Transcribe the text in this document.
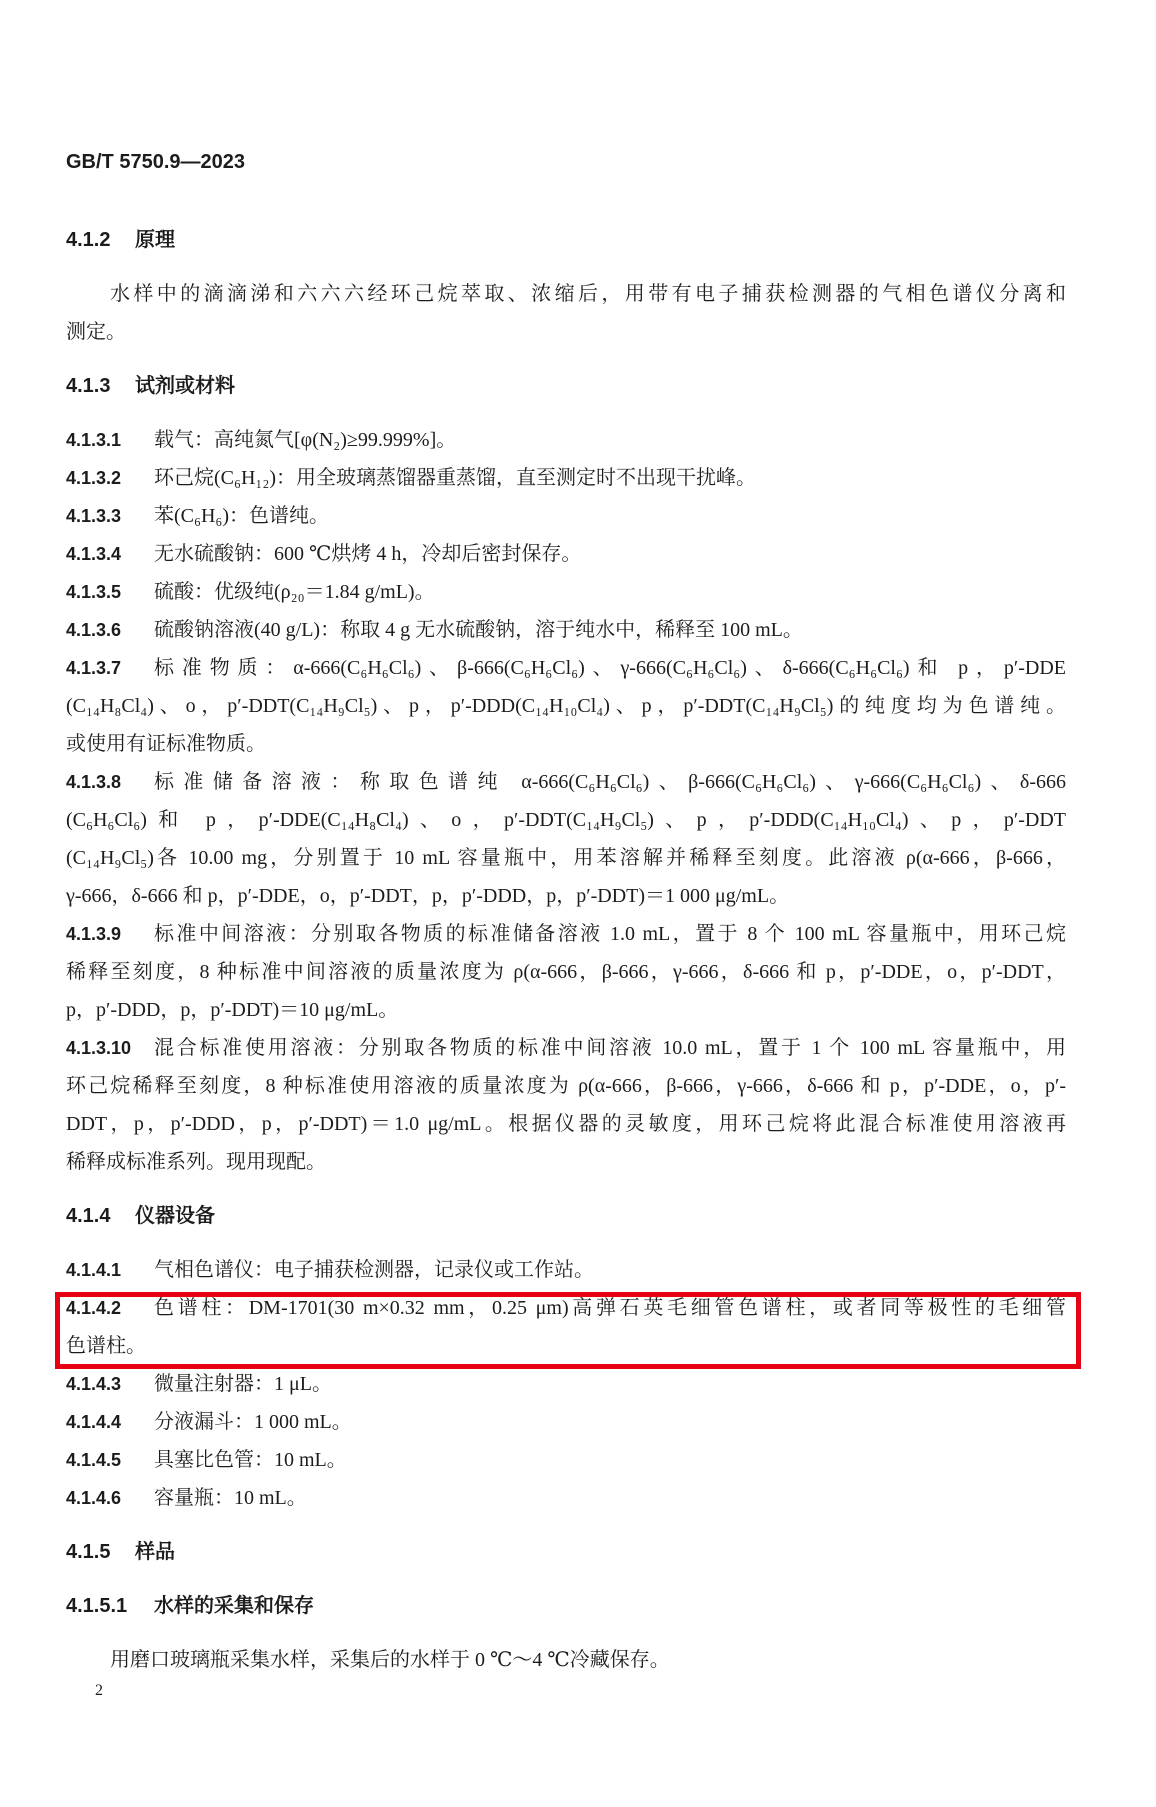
GB/T 5750.9—2023
4.1.2 原理
水样中的滴滴涕和六六六经环己烷萃取、浓缩后，用带有电子捕获检测器的气相色谱仪分离和
测定。
4.1.3 试剂或材料
4.1.3.1	载气：高纯氮气[φ(N₂)≥99.999%]。
4.1.3.2	环己烷(C₆H₁₂)：用全玻璃蒸馏器重蒸馏，直至测定时不出现干扰峰。
4.1.3.3	苯(C₆H₆)：色谱纯。
4.1.3.4	无水硫酸钠：600 ℃烘烤 4 h，冷却后密封保存。
4.1.3.5	硫酸：优级纯(ρ₂₀＝1.84 g/mL)。
4.1.3.6	硫酸钠溶液(40 g/L)：称取 4 g 无水硫酸钠，溶于纯水中，稀释至 100 mL。
4.1.3.7	标准物质：α-666(C₆H₆Cl₆)、β-666(C₆H₆Cl₆)、γ-666(C₆H₆Cl₆)、δ-666(C₆H₆Cl₆)和 p，p′-DDE
(C₁₄H₈Cl₄)、o，p′-DDT(C₁₄H₉Cl₅)、p，p′-DDD(C₁₄H₁₀Cl₄)、p，p′-DDT(C₁₄H₉Cl₅)的纯度均为色谱纯。
或使用有证标准物质。
4.1.3.8	标准储备溶液：称取色谱纯 α-666(C₆H₆Cl₆)、β-666(C₆H₆Cl₆)、γ-666(C₆H₆Cl₆)、δ-666
(C₆H₆Cl₆)和 p，p′-DDE(C₁₄H₈Cl₄)、o，p′-DDT(C₁₄H₉Cl₅)、p，p′-DDD(C₁₄H₁₀Cl₄)、p，p′-DDT
(C₁₄H₉Cl₅)各 10.00 mg，分别置于 10 mL 容量瓶中，用苯溶解并稀释至刻度。此溶液 ρ(α-666，β-666，
γ-666，δ-666 和 p，p′-DDE，o，p′-DDT，p，p′-DDD，p，p′-DDT)＝1 000 μg/mL。
4.1.3.9	标准中间溶液：分别取各物质的标准储备溶液 1.0 mL，置于 8 个 100 mL 容量瓶中，用环己烷
稀释至刻度，8 种标准中间溶液的质量浓度为 ρ(α-666，β-666，γ-666，δ-666 和 p，p′-DDE，o，p′-DDT，
p，p′-DDD，p，p′-DDT)＝10 μg/mL。
4.1.3.10	混合标准使用溶液：分别取各物质的标准中间溶液 10.0 mL，置于 1 个 100 mL 容量瓶中，用
环己烷稀释至刻度，8 种标准使用溶液的质量浓度为 ρ(α-666，β-666，γ-666，δ-666 和 p，p′-DDE，o，p′-
DDT，p，p′-DDD，p，p′-DDT)＝1.0 μg/mL。根据仪器的灵敏度，用环己烷将此混合标准使用溶液再
稀释成标准系列。现用现配。
4.1.4 仪器设备
4.1.4.1	气相色谱仪：电子捕获检测器，记录仪或工作站。
4.1.4.2	色谱柱：DM-1701(30 m×0.32 mm，0.25 μm)高弹石英毛细管色谱柱，或者同等极性的毛细管
色谱柱。
4.1.4.3	微量注射器：1 μL。
4.1.4.4	分液漏斗：1 000 mL。
4.1.4.5	具塞比色管：10 mL。
4.1.4.6	容量瓶：10 mL。
4.1.5 样品
4.1.5.1 水样的采集和保存
用磨口玻璃瓶采集水样，采集后的水样于 0 ℃～4 ℃冷藏保存。
2
